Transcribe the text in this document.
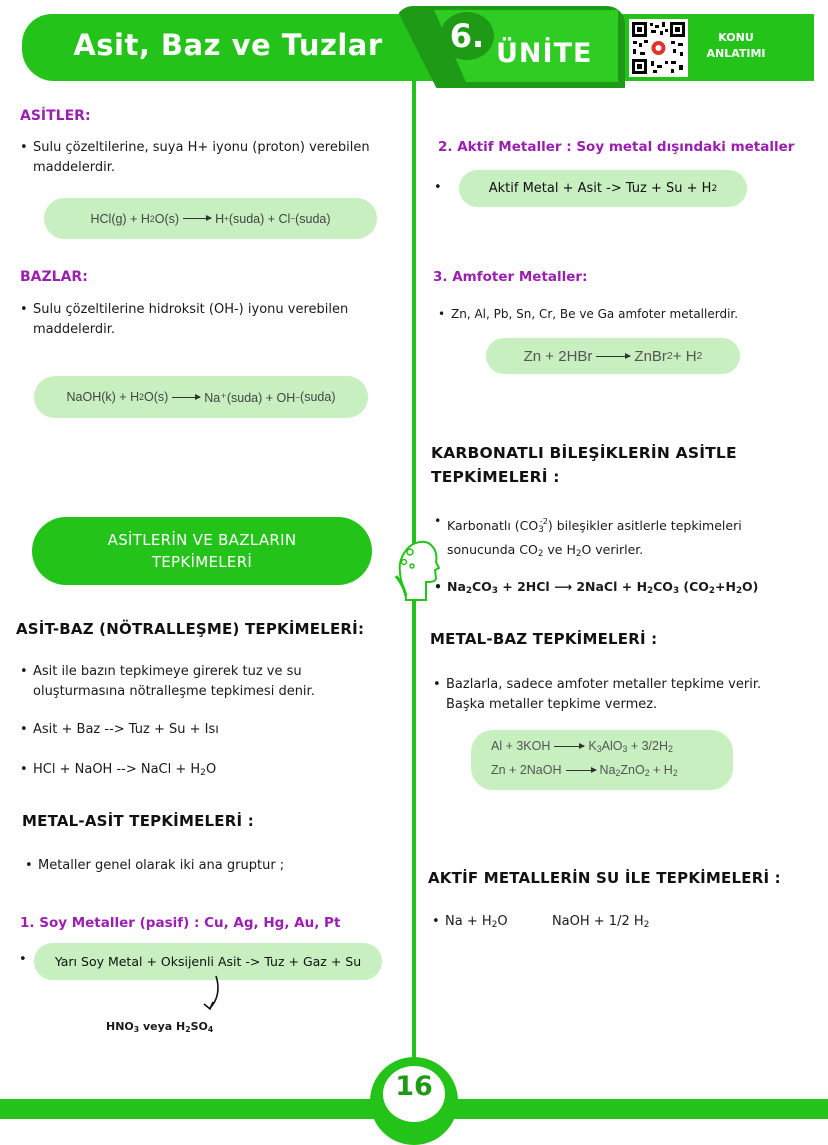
Asit, Baz ve Tuzlar	6. ÜNİTE
KONU
ANLATIMI
ASİTLER:
• Sulu çözeltilerine, suya H+ iyonu (proton) verebilen
maddelerdir.
HCl(g) + H 2 O(s)	H + (suda) + Cl − (suda)
BAZLAR:
• Sulu çözeltilerine hidroksit (OH-) iyonu verebilen
maddelerdir.
NaOH(k) + H 2 O(s)	Na⁺(suda) + OH − (suda)
ASİTLERİN VE BAZLARIN
TEPKİMELERİ
ASİT-BAZ (NÖTRALLEŞME) TEPKİMELERİ:
• Asit ile bazın tepkimeye girerek tuz ve su
oluşturmasına nötralleşme tepkimesi denir.
• Asit + Baz --> Tuz + Su + Isı
• HCl + NaOH --> NaCl + $H_2O$
METAL-ASİT TEPKİMELERİ :
• Metaller genel olarak iki ana gruptur ;
1. Soy Metaller (pasif) : Cu, Ag, Hg, Au, Pt
•	Yarı Soy Metal + Oksijenli Asit -> Tuz + Gaz + Su
$HNO_3$ veya $H_2SO_4$
2. Aktif Metaller : Soy metal dışındaki metaller
•	Aktif Metal + Asit -> Tuz + Su + H 2
3. Amfoter Metaller:
• Zn, Al, Pb, Sn, Cr, Be ve Ga amfoter metallerdir.
Zn + 2HBr	ZnBr 2 + H 2
KARBONATLI BİLEŞİKLERİN ASİTLE
TEPKİMELERİ :
• Karbonatlı $(CO_3^{-2})$ bileşikler asitlerle tepkimeleri
sonucunda $CO_2$ ve $H_2O$ verirler.
• $Na_2CO_3 + 2HCl$ ⟶ 2NaCl + $H_2CO_3$ $(CO_2+H_2O)$
METAL-BAZ TEPKİMELERİ :
• Bazlarla, sadece amfoter metaller tepkime verir.
Başka metaller tepkime vermez.
Al + 3KOH	$K_3AlO_3 + 3/2H_2$
Zn + 2NaOH	$Na_2ZnO_2 + H_2$
AKTİF METALLERİN SU İLE TEPKİMELERİ :
• $Na + H_2O$	NaOH + 1/2 $H_2$
16
